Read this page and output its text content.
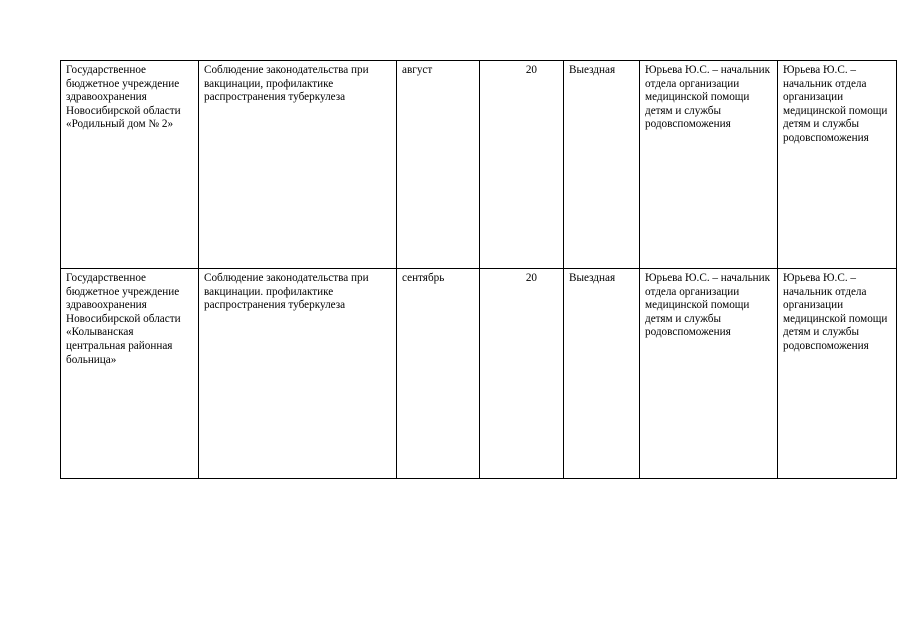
Государственное бюджетное учреждение здравоохранения Новосибирской области «Родильный дом № 2»	Соблюдение законодательства при вакцинации, профилактике распространения туберкулеза	август	20	Выездная	Юрьева Ю.С. – начальник отдела организации медицинской помощи детям и службы родовспоможения	Юрьева Ю.С. – начальник отдела организации медицинской помощи детям и службы родовспоможения
Государственное бюджетное учреждение здравоохранения Новосибирской области «Колыванская центральная районная больница»	Соблюдение законодательства при вакцинации. профилактике распространения туберкулеза	сентябрь	20	Выездная	Юрьева Ю.С. – начальник отдела организации медицинской помощи детям и службы родовспоможения	Юрьева Ю.С. – начальник отдела организации медицинской помощи детям и службы родовспоможения
